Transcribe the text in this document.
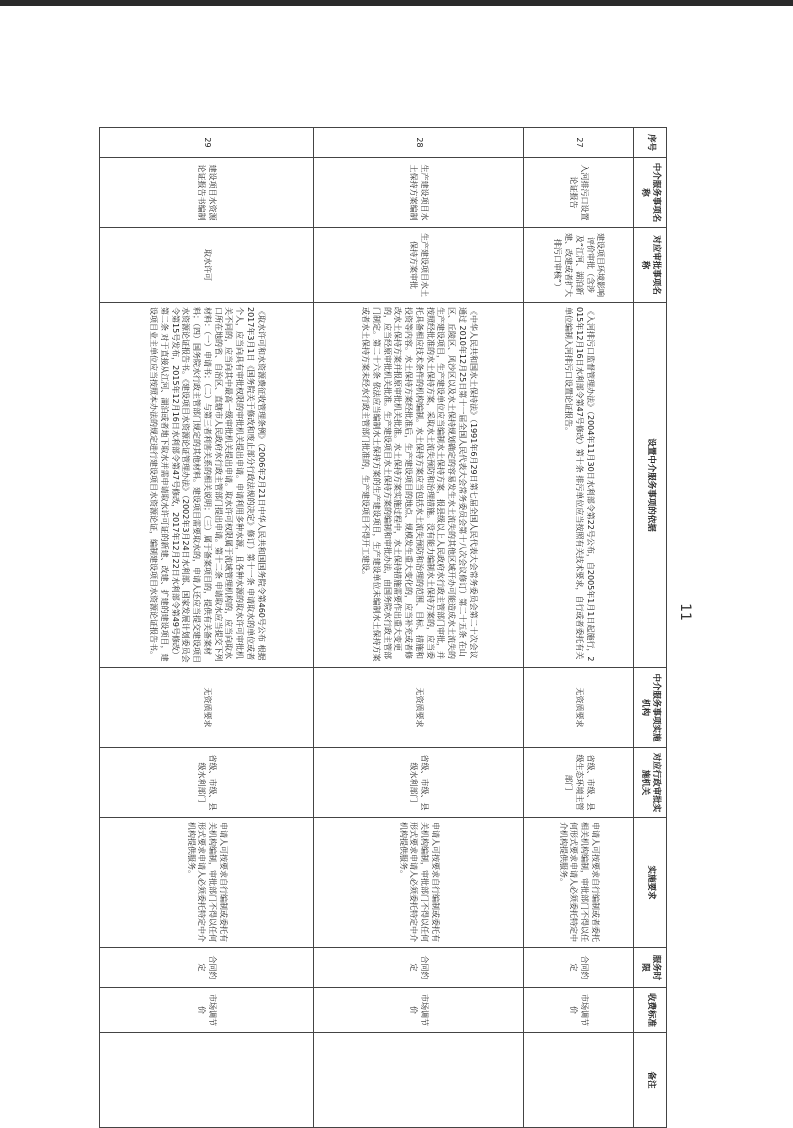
序号	中介服务事项名称	对应审批事项名称	设置中介服务事项的依据	中介服务事项实施机构	对应行政审批实施机关	实施要求	服务时限	收费标准	备注
27	入河排污口设置论证报告	建设项目环境影响评价审批（含涉及“江河、湖泊新建、改建或者扩大排污口审核”）	《入河排污口监督管理办法》（2004年11月30日水利部令第22号公布，自2005年1月1日起施行，2015年12月16日水利部令第47号修改）第十条 排污单位应当按照有关技术要求，自行或者委托有关单位编制入河排污口设置论证报告。	无资质要求	省级、市级、县级生态环境主管部门	申请人可按要求自行编制或者委托相关机构编制，审批部门不得以任何形式要求申请人必须委托特定中介机构提供服务。	合同约定	市场调节价	
28	生产建设项目水土保持方案编制	生产建设项目水土保持方案审批	《中华人民共和国水土保持法》（1991年6月29日第七届全国人民代表大会常务委员会第二十次会议通过 2010年12月25日第十一届全国人民代表大会常务委员会第十八次会议修订）第二十五条 在山区、丘陵区、风沙区以及水土保持规划确定的容易发生水土流失的其他区域开办可能造成水土流失的生产建设项目，生产建设单位应当编制水土保持方案，报县级以上人民政府水行政主管部门审批，并按照经批准的水土保持方案，采取水土流失预防和治理措施。没有能力编制水土保持方案的，应当委托具备相应技术条件的机构编制。水土保持方案应当包括水土流失预防和治理的范围、目标、措施和投资等内容。水土保持方案经批准后，生产建设项目的地点、规模发生重大变化的，应当补充或者修改水土保持方案并报原审批机关批准。水土保持方案实施过程中，水土保持措施需要作出重大变更的，应当经原审批机关批准。生产建设项目水土保持方案的编制和审批办法，由国务院水行政主管部门制定。第二十六条 依法应当编制水土保持方案的生产建设项目，生产建设单位未编制水土保持方案或者水土保持方案未经水行政主管部门批准的，生产建设项目不得开工建设。	无资质要求	省级、市级、县级水利部门	申请人可按要求自行编制或委托有关机构编制，审批部门不得以任何形式要求申请人必须委托特定中介机构提供服务。	合同约定	市场调节价	
29	建设项目水资源论证报告书编制	取水许可	《取水许可和水资源费征收管理条例》（2006年2月21日中华人民共和国国务院令第460号公布 根据2017年3月1日《国务院关于修改和废止部分行政法规的决定》修订）第十一条 申请取水的单位或者个人，应当向具有审批权限的审批机关提出申请。申请利用多种水源，且各种水源的取水许可审批机关不同的，应当向其中最高一级审批机关提出申请。取水许可权限属于流域管理机构的，应当向取水口所在地的省、自治区、直辖市人民政府水行政主管部门提出申请。第十二条 申请取水应当提交下列材料：（一）申请书；（二）与第三者利害关系的相关说明；（三）属于备案项目的，提供有关备案材料；（四）国务院水行政主管部门规定的其他材料。建设项目需要取水的，申请人还应当提交建设项目水资源论证报告书。《建设项目水资源论证管理办法》（2002年3月24日水利部、国家发展计划委员会令第15号发布，2015年12月16日水利部令第47号修改，2017年12月22日水利部令第49号修改）第二条 对于直接从江河、湖泊或者地下取水并需申请取水许可证的新建、改建、扩建的建设项目，建设项目业主单位应当按照本办法的规定进行建设项目水资源论证，编制建设项目水资源论证报告书。	无资质要求	省级、市级、县级水利部门	申请人可按要求自行编制或委托有关机构编制，审批部门不得以任何形式要求申请人必须委托特定中介机构提供服务。	合同约定	市场调节价	
11
